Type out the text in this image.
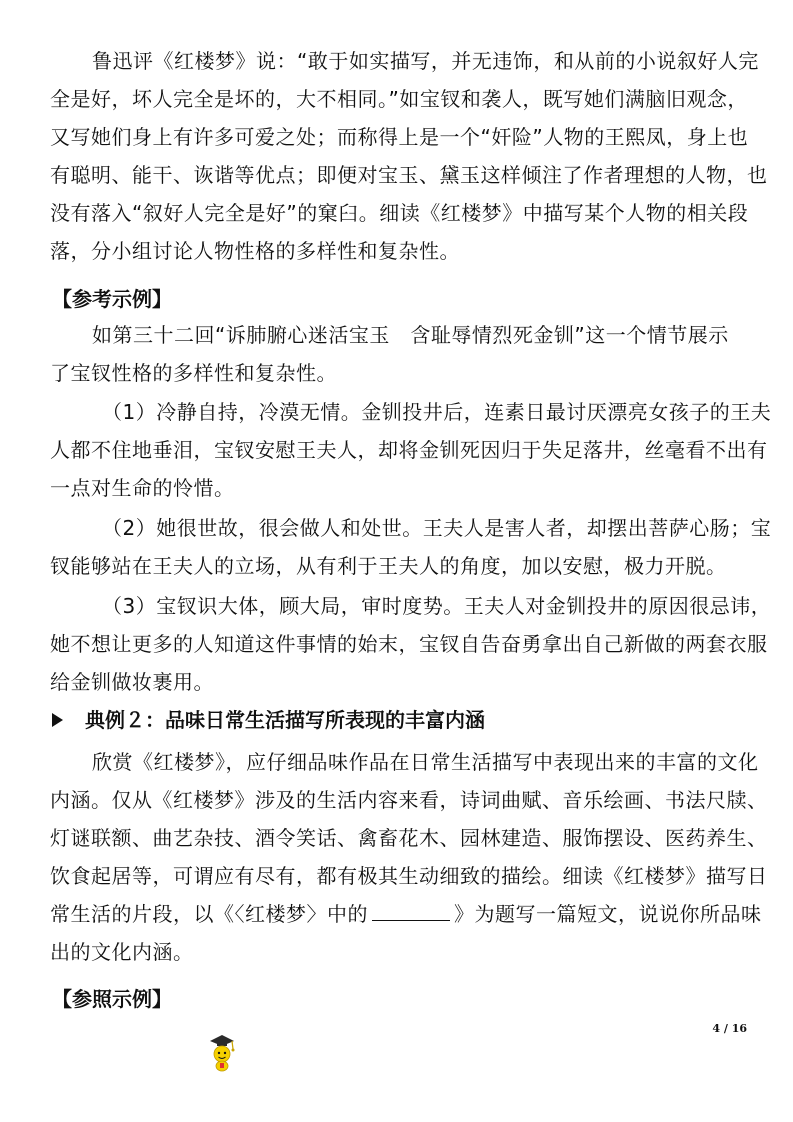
鲁迅评《红楼梦》说：“敢于如实描写，并无违饰，和从前的小说叙好人完
全是好，坏人完全是坏的，大不相同。”如宝钗和袭人，既写她们满脑旧观念，
又写她们身上有许多可爱之处；而称得上是一个“奸险”人物的王熙凤，身上也
有聪明、能干、诙谐等优点；即便对宝玉、黛玉这样倾注了作者理想的人物，也
没有落入“叙好人完全是好”的窠臼。细读《红楼梦》中描写某个人物的相关段
落，分小组讨论人物性格的多样性和复杂性。
【参考示例】
如第三十二回“诉肺腑心迷活宝玉　含耻辱情烈死金钏”这一个情节展示
了宝钗性格的多样性和复杂性。
（1）冷静自持，冷漠无情。金钏投井后，连素日最讨厌漂亮女孩子的王夫
人都不住地垂泪，宝钗安慰王夫人，却将金钏死因归于失足落井，丝毫看不出有
一点对生命的怜惜。
（2）她很世故，很会做人和处世。王夫人是害人者，却摆出菩萨心肠；宝
钗能够站在王夫人的立场，从有利于王夫人的角度，加以安慰，极力开脱。
（3）宝钗识大体，顾大局，审时度势。王夫人对金钏投井的原因很忌讳，
她不想让更多的人知道这件事情的始末，宝钗自告奋勇拿出自己新做的两套衣服
给金钏做妆裹用。
典例２：品味日常生活描写所表现的丰富内涵
欣赏《红楼梦》，应仔细品味作品在日常生活描写中表现出来的丰富的文化
内涵。仅从《红楼梦》涉及的生活内容来看，诗词曲赋、音乐绘画、书法尺牍、
灯谜联额、曲艺杂技、酒令笑话、禽畜花木、园林建造、服饰摆设、医药养生、
饮食起居等，可谓应有尽有，都有极其生动细致的描绘。细读《红楼梦》描写日
常生活的片段，以《〈红楼梦〉中的	》为题写一篇短文，说说你所品味
出的文化内涵。
【参照示例】
4 / 16
